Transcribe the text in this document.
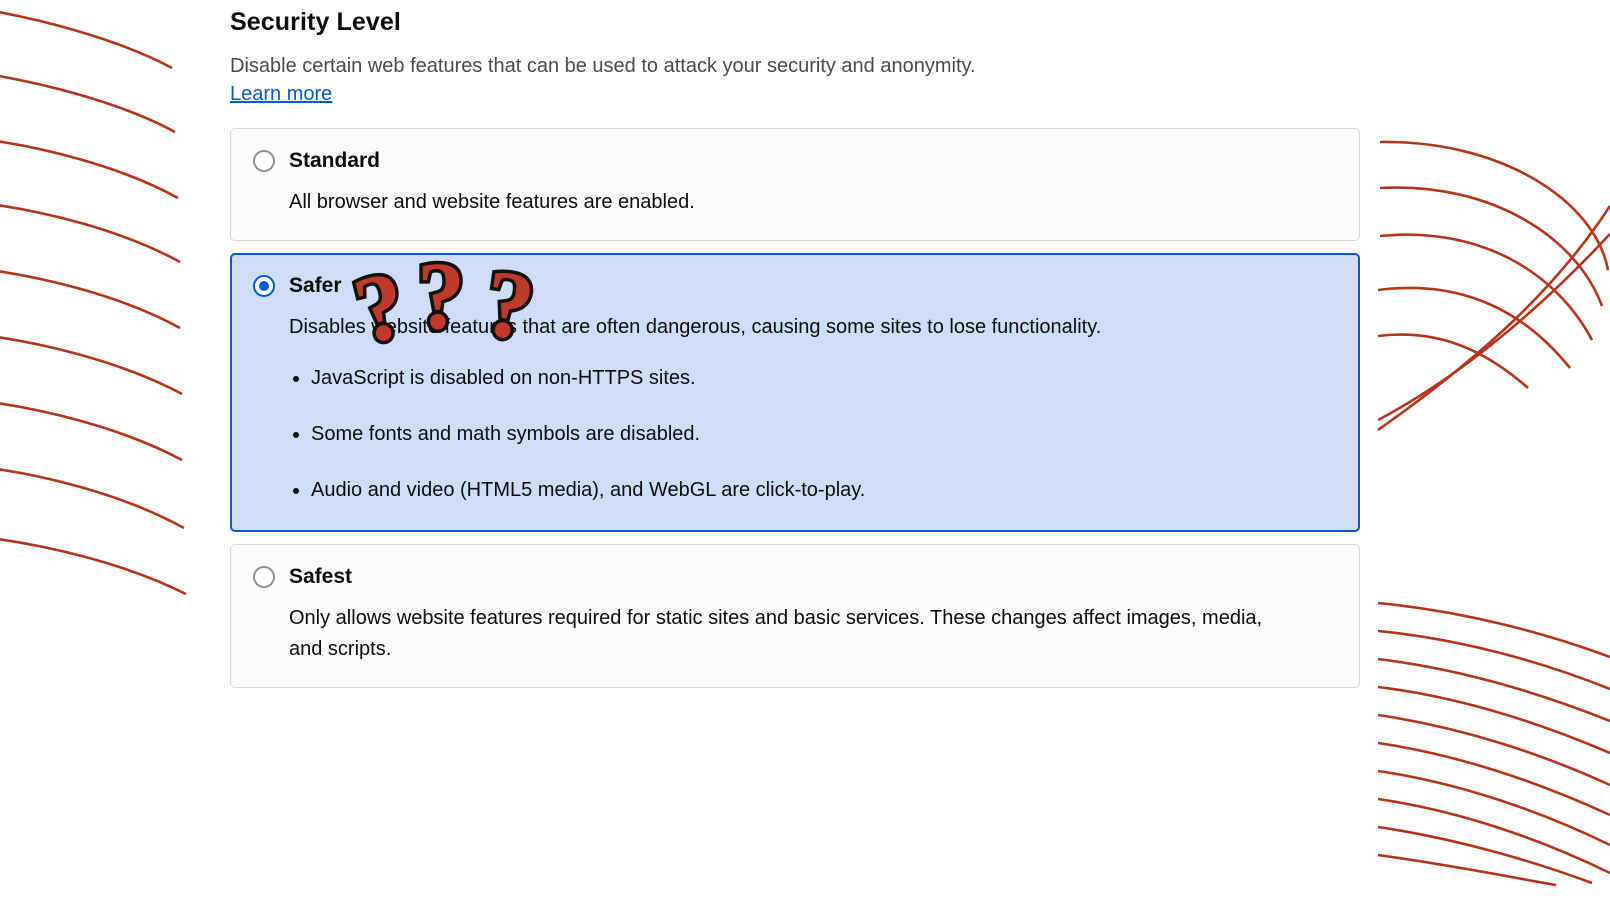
Security Level

Disable certain web features that can be used to attack your security and anonymity.

Learn more
Standard
All browser and website features are enabled.
Safer
Disables website features that are often dangerous, causing some sites to lose functionality.
• JavaScript is disabled on non-HTTPS sites.
• Some fonts and math symbols are disabled.
• Audio and video (HTML5 media), and WebGL are click-to-play.
Safest
Only allows website features required for static sites and basic services. These changes affect images, media, and scripts.
? ? ?
